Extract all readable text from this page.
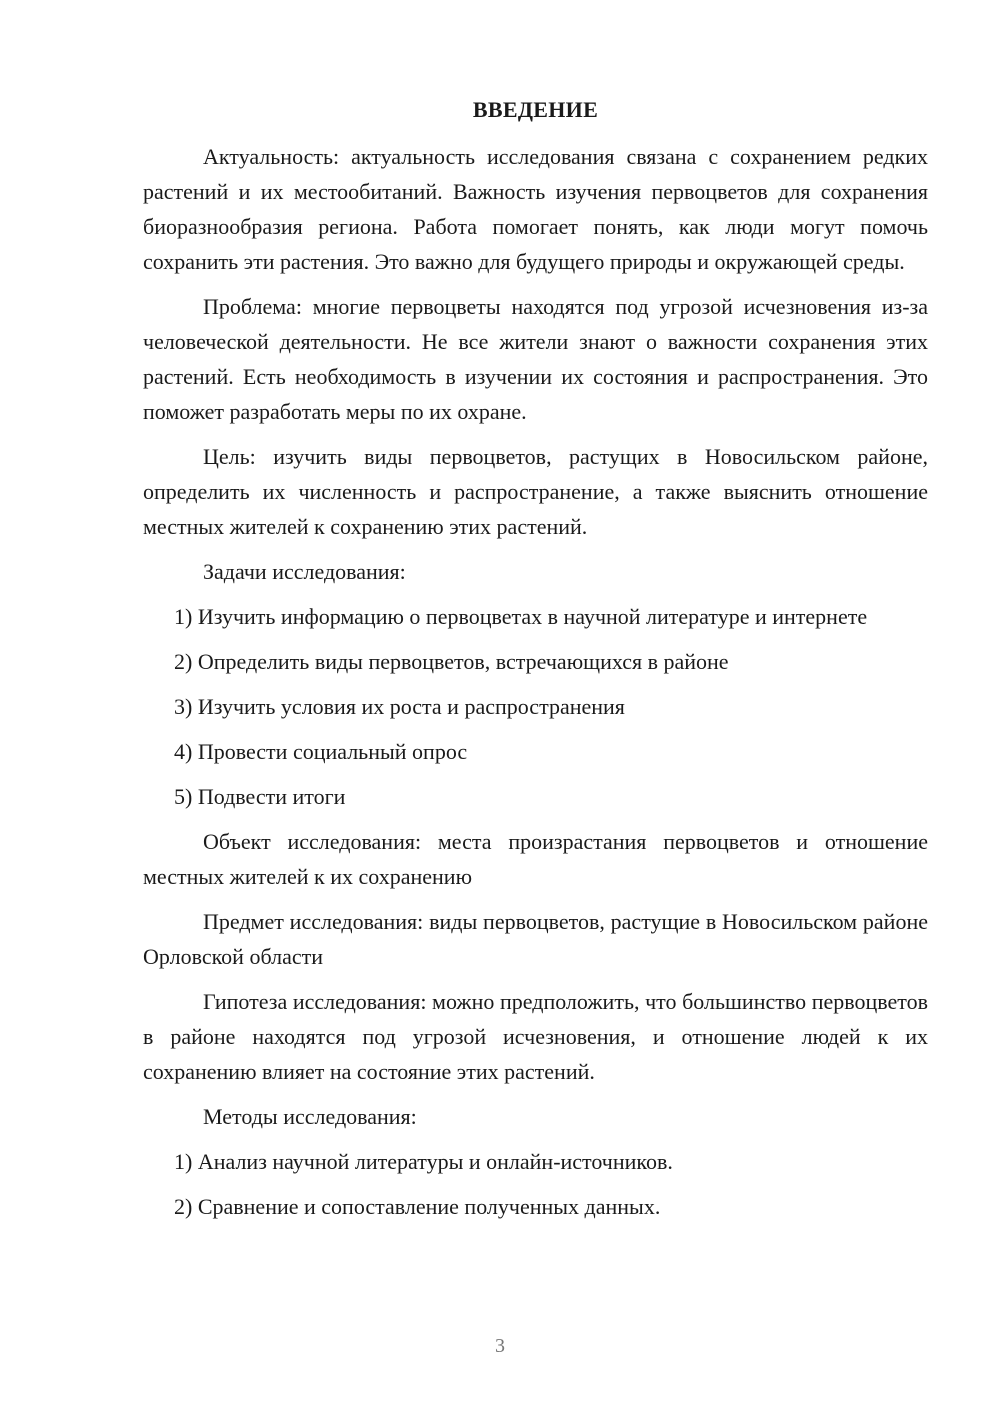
ВВЕДЕНИЕ

Актуальность: актуальность исследования связана с сохранением редких растений и их местообитаний. Важность изучения первоцветов для сохранения биоразнообразия региона. Работа помогает понять, как люди могут помочь сохранить эти растения. Это важно для будущего природы и окружающей среды.

Проблема: многие первоцветы находятся под угрозой исчезновения из-за человеческой деятельности. Не все жители знают о важности сохранения этих растений. Есть необходимость в изучении их состояния и распространения. Это поможет разработать меры по их охране.

Цель: изучить виды первоцветов, растущих в Новосильском районе, определить их численность и распространение, а также выяснить отношение местных жителей к сохранению этих растений.

Задачи исследования:

1) Изучить информацию о первоцветах в научной литературе и интернете

2) Определить виды первоцветов, встречающихся в районе

3) Изучить условия их роста и распространения

4) Провести социальный опрос

5) Подвести итоги

Объект исследования: места произрастания первоцветов и отношение местных жителей к их сохранению

Предмет исследования: виды первоцветов, растущие в Новосильском районе Орловской области

Гипотеза исследования: можно предположить, что большинство первоцветов в районе находятся под угрозой исчезновения, и отношение людей к их сохранению влияет на состояние этих растений.

Методы исследования:

1) Анализ научной литературы и онлайн-источников.

2) Сравнение и сопоставление полученных данных.

3
